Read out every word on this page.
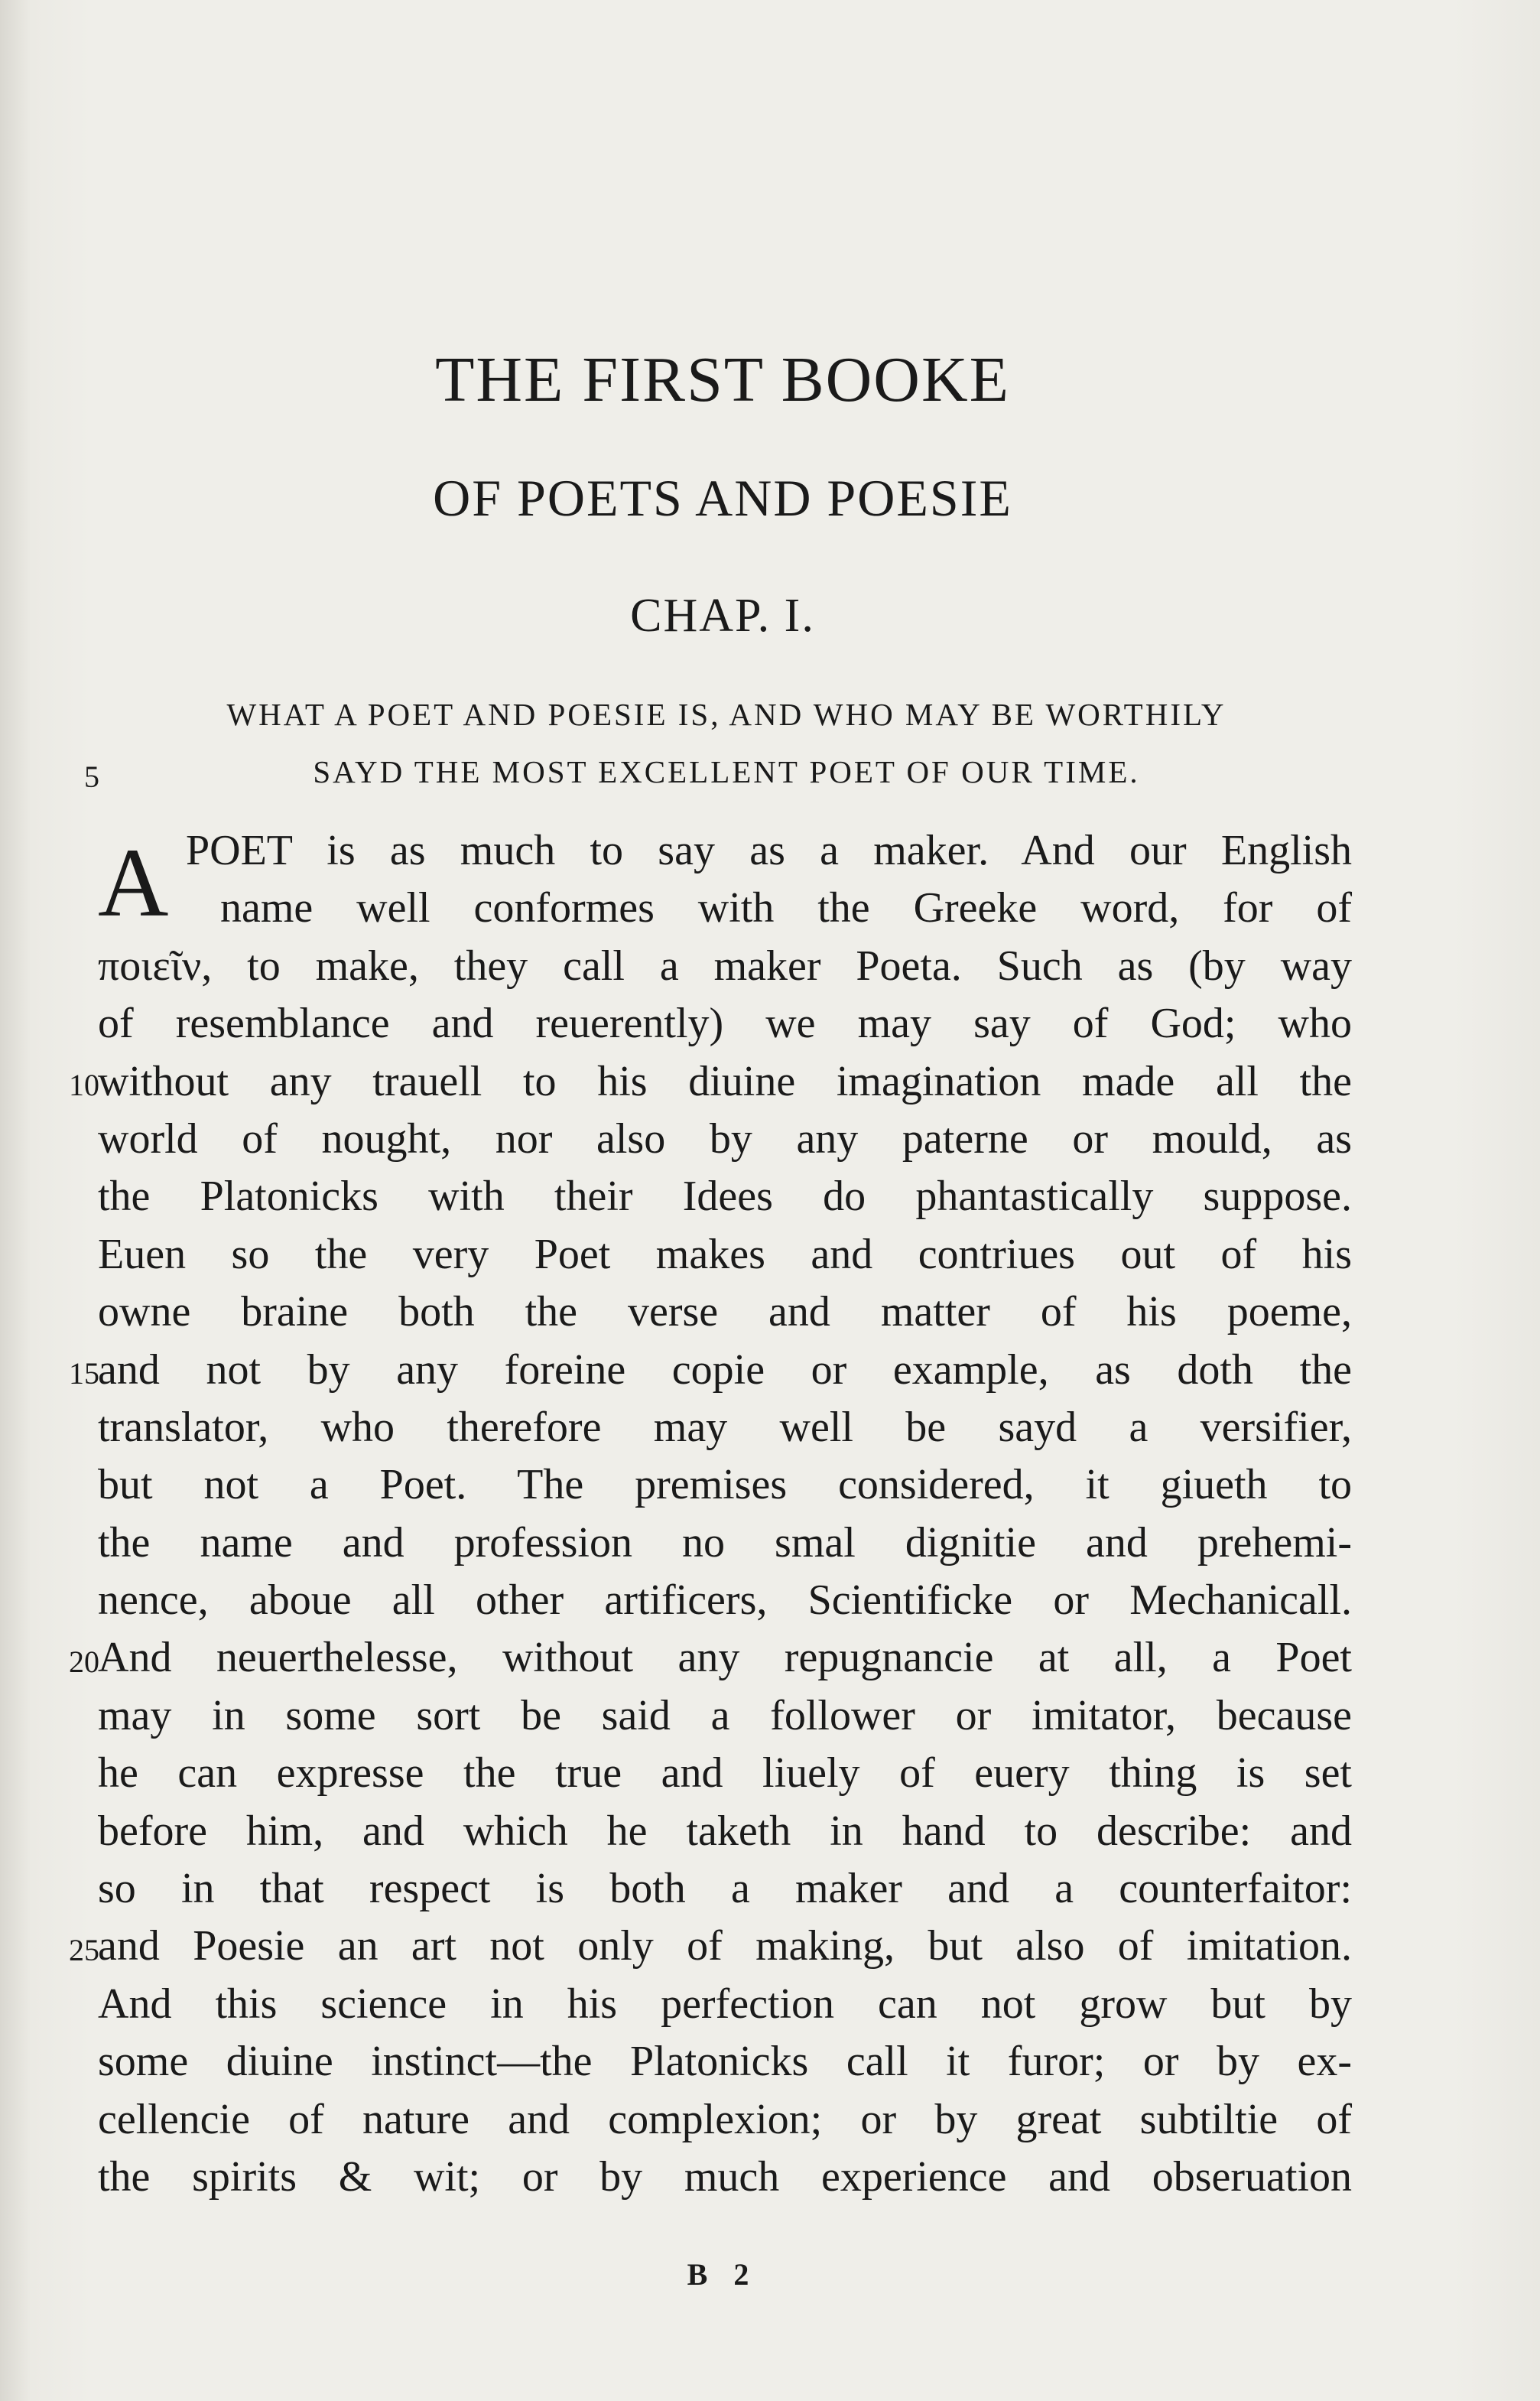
THE FIRST BOOKE
OF POETS AND POESIE
CHAP. I.
WHAT A POET AND POESIE IS, AND WHO MAY BE WORTHILY
SAYD THE MOST EXCELLENT POET OF OUR TIME.
5
10
15
20
25
A POET is as much to say as a maker. And our English
name well conformes with the Greeke word, for of
ποιεῖν, to make, they call a maker Poeta. Such as (by way
of resemblance and reuerently) we may say of God; who
without any trauell to his diuine imagination made all the
world of nought, nor also by any paterne or mould, as
the Platonicks with their Idees do phantastically suppose.
Euen so the very Poet makes and contriues out of his
owne braine both the verse and matter of his poeme,
and not by any foreine copie or example, as doth the
translator, who therefore may well be sayd a versifier,
but not a Poet. The premises considered, it giueth to
the name and profession no smal dignitie and prehemi-
nence, aboue all other artificers, Scientificke or Mechanicall.
And neuerthelesse, without any repugnancie at all, a Poet
may in some sort be said a follower or imitator, because
he can expresse the true and liuely of euery thing is set
before him, and which he taketh in hand to describe: and
so in that respect is both a maker and a counterfaitor:
and Poesie an art not only of making, but also of imitation.
And this science in his perfection can not grow but by
some diuine instinct—the Platonicks call it furor; or by ex-
cellencie of nature and complexion; or by great subtiltie of
the spirits & wit; or by much experience and obseruation
B 2
